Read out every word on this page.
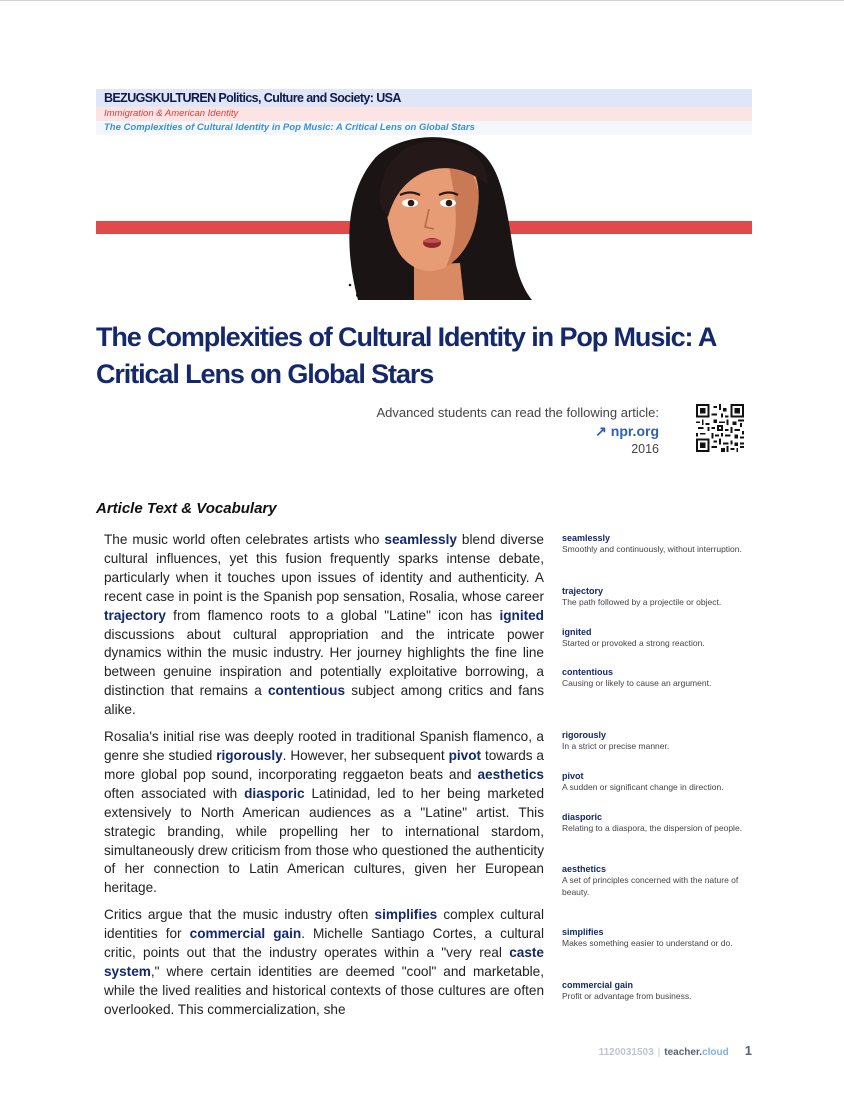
BEZUGSKULTUREN Politics, Culture and Society: USA
Immigration & American Identity
The Complexities of Cultural Identity in Pop Music: A Critical Lens on Global Stars
The Complexities of Cultural Identity in Pop Music: A Critical Lens on Global Stars
Advanced students can read the following article:
↗ npr.org
2016
Article Text & Vocabulary

The music world often celebrates artists who seamlessly blend diverse cultural influences, yet this fusion frequently sparks intense debate, particularly when it touches upon issues of identity and authenticity. A recent case in point is the Spanish pop sensation, Rosalia, whose career trajectory from flamenco roots to a global "Latine" icon has ignited discussions about cultural appropriation and the intricate power dynamics within the music industry. Her journey highlights the fine line between genuine inspiration and potentially exploitative borrowing, a distinction that remains a contentious subject among critics and fans alike.

Rosalia's initial rise was deeply rooted in traditional Spanish flamenco, a genre she studied rigorously. However, her subsequent pivot towards a more global pop sound, incorporating reggaeton beats and aesthetics often associated with diasporic Latinidad, led to her being marketed extensively to North American audiences as a "Latine" artist. This strategic branding, while propelling her to international stardom, simultaneously drew criticism from those who questioned the authenticity of her connection to Latin American cultures, given her European heritage.

Critics argue that the music industry often simplifies complex cultural identities for commercial gain. Michelle Santiago Cortes, a cultural critic, points out that the industry operates within a "very real caste system," where certain identities are deemed "cool" and marketable, while the lived realities and historical contexts of those cultures are often overlooked. This commercialization, she

seamlessly
Smoothly and continuously, without interruption.
trajectory
The path followed by a projectile or object.
ignited
Started or provoked a strong reaction.
contentious
Causing or likely to cause an argument.
rigorously
In a strict or precise manner.
pivot
A sudden or significant change in direction.
diasporic
Relating to a diaspora, the dispersion of people.
aesthetics
A set of principles concerned with the nature of beauty.
simplifies
Makes something easier to understand or do.
commercial gain
Profit or advantage from business.
1120031503 | teacher.cloud 1
